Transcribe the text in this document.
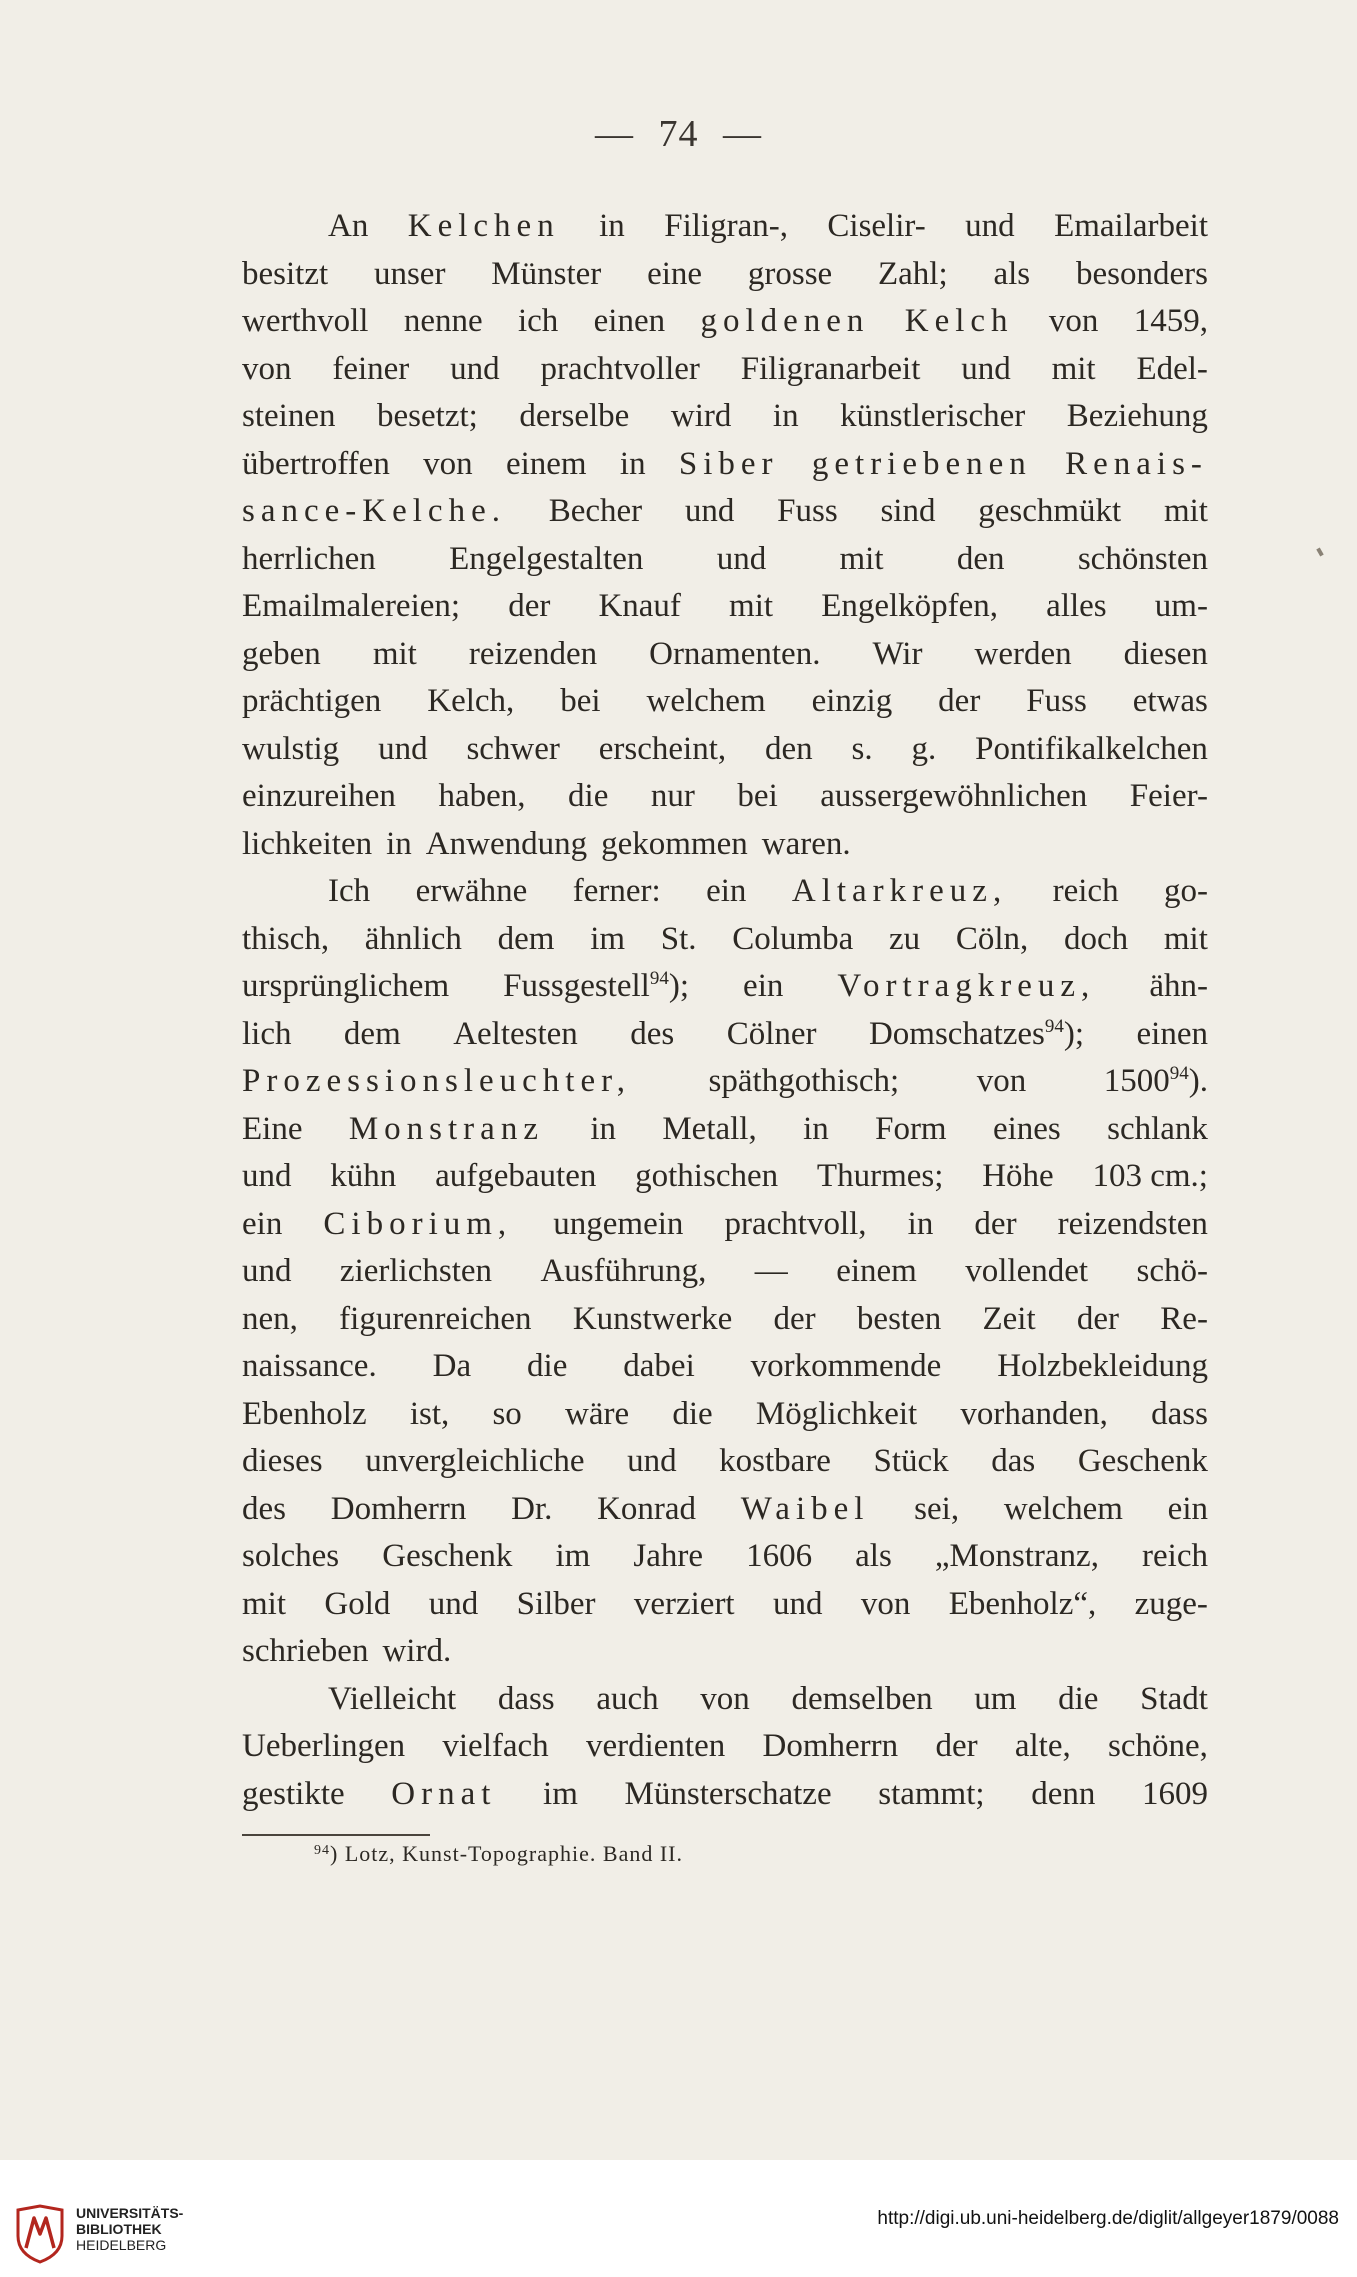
— 74 —
An Kelchen in Filigran-, Ciselir- und Emailarbeit
besitzt unser Münster eine grosse Zahl; als besonders
werthvoll nenne ich einen goldenen Kelch von 1459,
von feiner und prachtvoller Filigranarbeit und mit Edel-
steinen besetzt; derselbe wird in künstlerischer Beziehung
übertroffen von einem in Siber getriebenen Renais-
sance-Kelche. Becher und Fuss sind geschmükt mit
herrlichen Engelgestalten und mit den schönsten
Emailmalereien; der Knauf mit Engelköpfen, alles um-
geben mit reizenden Ornamenten. Wir werden diesen
prächtigen Kelch, bei welchem einzig der Fuss etwas
wulstig und schwer erscheint, den s. g. Pontifikalkelchen
einzureihen haben, die nur bei aussergewöhnlichen Feier-
lichkeiten in Anwendung gekommen waren.
Ich erwähne ferner: ein Altarkreuz, reich go-
thisch, ähnlich dem im St. Columba zu Cöln, doch mit
ursprünglichem Fussgestell$^{94}$); ein Vortragkreuz, ähn-
lich dem Aeltesten des Cölner Domschatzes$^{94}$); einen
Prozessionsleuchter, späthgothisch; von 1500$^{94}$).
Eine Monstranz in Metall, in Form eines schlank
und kühn aufgebauten gothischen Thurmes; Höhe 103 cm.;
ein Ciborium, ungemein prachtvoll, in der reizendsten
und zierlichsten Ausführung, — einem vollendet schö-
nen, figurenreichen Kunstwerke der besten Zeit der Re-
naissance. Da die dabei vorkommende Holzbekleidung
Ebenholz ist, so wäre die Möglichkeit vorhanden, dass
dieses unvergleichliche und kostbare Stück das Geschenk
des Domherrn Dr. Konrad Waibel sei, welchem ein
solches Geschenk im Jahre 1606 als „Monstranz, reich
mit Gold und Silber verziert und von Ebenholz“, zuge-
schrieben wird.
Vielleicht dass auch von demselben um die Stadt
Ueberlingen vielfach verdienten Domherrn der alte, schöne,
gestikte Ornat im Münsterschatze stammt; denn 1609
$^{94}$) Lotz, Kunst-Topographie. Band II.
UNIVERSITÄTS-
BIBLIOTHEK
HEIDELBERG
http://digi.ub.uni-heidelberg.de/diglit/allgeyer1879/0088
